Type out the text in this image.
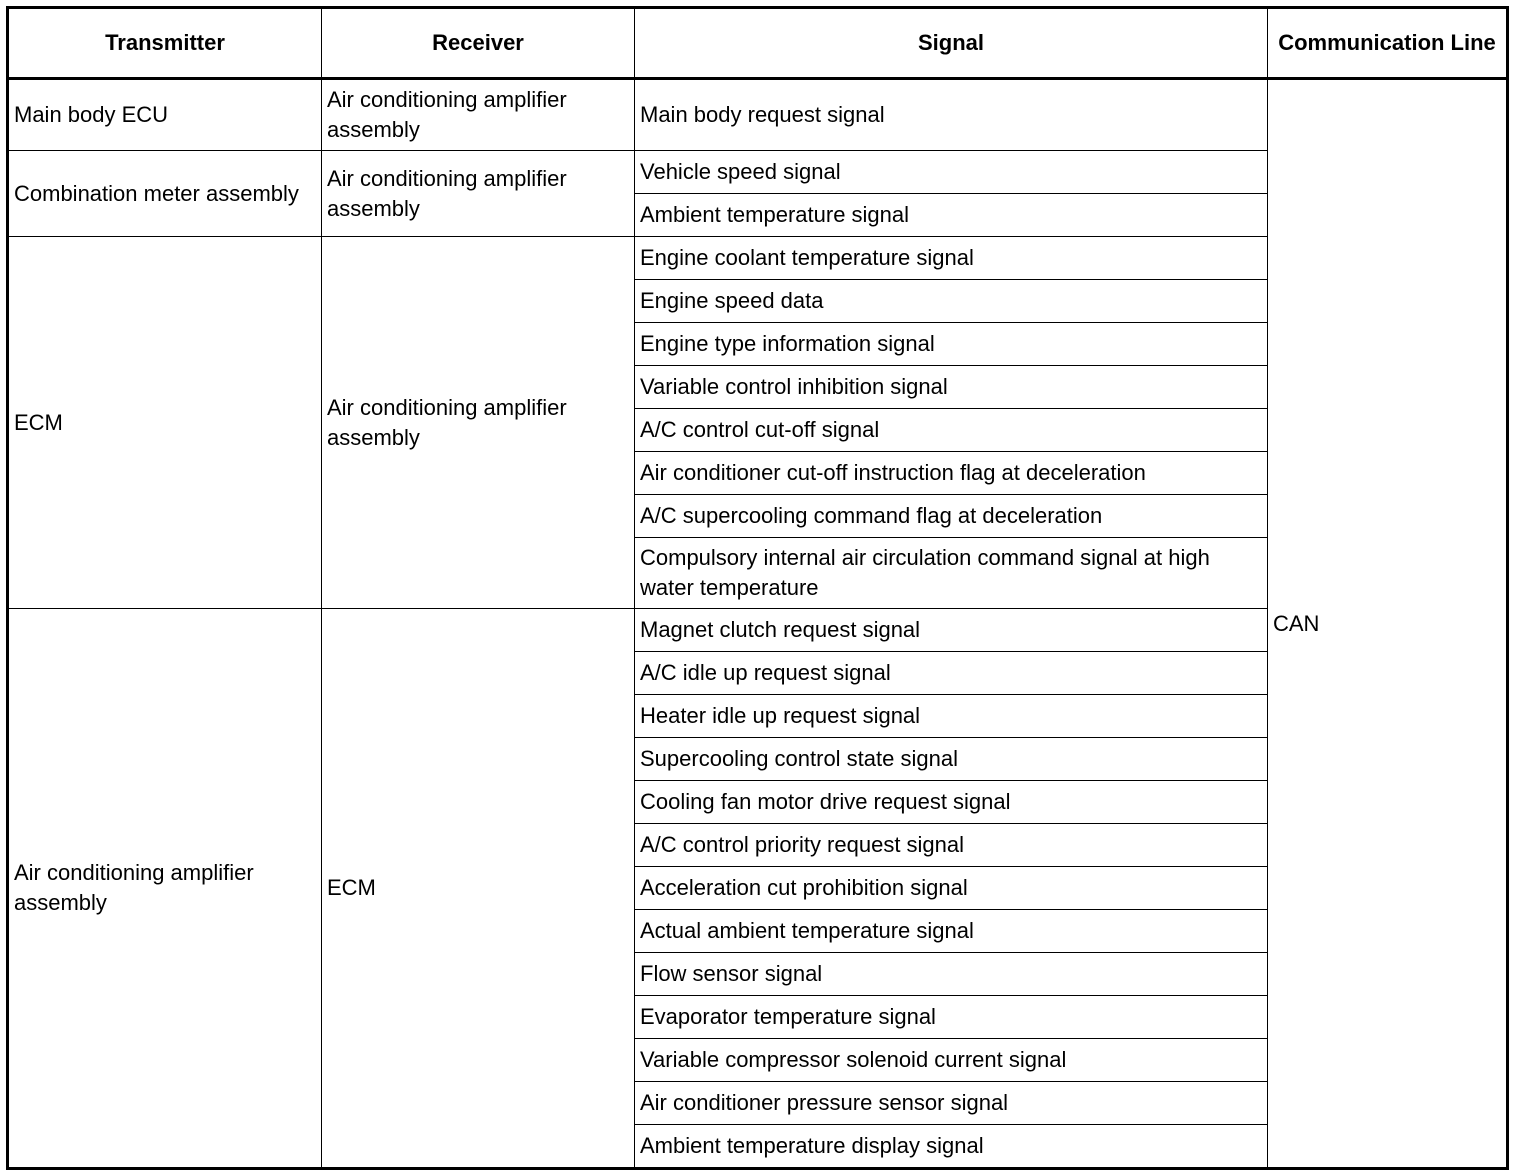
Transmitter	Receiver	Signal	Communication Line
Main body ECU	Air conditioning amplifier assembly	Main body request signal	CAN
Combination meter assembly	Air conditioning amplifier assembly	Vehicle speed signal	
		Ambient temperature signal	
ECM	Air conditioning amplifier assembly	Engine coolant temperature signal	
		Engine speed data	
		Engine type information signal	
		Variable control inhibition signal	
		A/C control cut-off signal	
		Air conditioner cut-off instruction flag at deceleration	
		A/C supercooling command flag at deceleration	
		Compulsory internal air circulation command signal at high water temperature	
Air conditioning amplifier assembly	ECM	Magnet clutch request signal	
		A/C idle up request signal	
		Heater idle up request signal	
		Supercooling control state signal	
		Cooling fan motor drive request signal	
		A/C control priority request signal	
		Acceleration cut prohibition signal	
		Actual ambient temperature signal	
		Flow sensor signal	
		Evaporator temperature signal	
		Variable compressor solenoid current signal	
		Air conditioner pressure sensor signal	
		Ambient temperature display signal	
